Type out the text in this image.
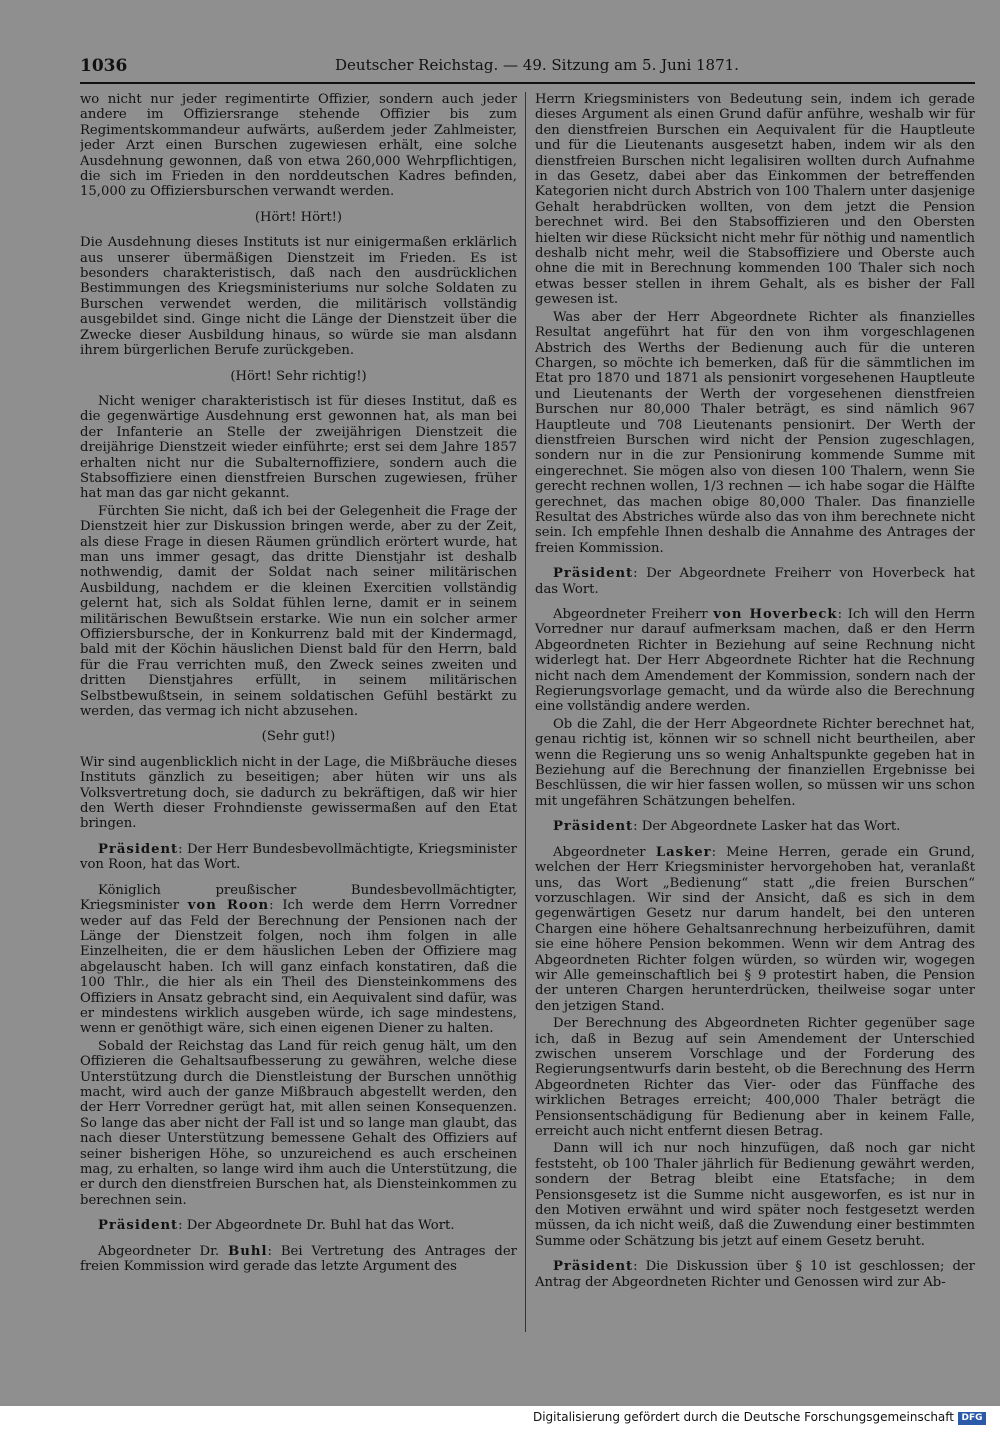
1036	Deutscher Reichstag. — 49. Sitzung am 5. Juni 1871.

wo nicht nur jeder regimentirte Offizier, sondern auch jeder andere im Offiziersrange stehende Offizier bis zum Regimentskommandeur aufwärts, außerdem jeder Zahlmeister, jeder Arzt einen Burschen zugewiesen erhält, eine solche Ausdehnung gewonnen, daß von etwa 260,000 Wehrpflichtigen, die sich im Frieden in den norddeutschen Kadres befinden, 15,000 zu Offiziersburschen verwandt werden.

(Hört! Hört!)

Die Ausdehnung dieses Instituts ist nur einigermaßen erklärlich aus unserer übermäßigen Dienstzeit im Frieden. Es ist besonders charakteristisch, daß nach den ausdrücklichen Bestimmungen des Kriegsministeriums nur solche Soldaten zu Burschen verwendet werden, die militärisch vollständig ausgebildet sind. Ginge nicht die Länge der Dienstzeit über die Zwecke dieser Ausbildung hinaus, so würde sie man alsdann ihrem bürgerlichen Berufe zurückgeben.

(Hört! Sehr richtig!)

Nicht weniger charakteristisch ist für dieses Institut, daß es die gegenwärtige Ausdehnung erst gewonnen hat, als man bei der Infanterie an Stelle der zweijährigen Dienstzeit die dreijährige Dienstzeit wieder einführte; erst sei dem Jahre 1857 erhalten nicht nur die Subalternoffiziere, sondern auch die Stabsoffiziere einen dienstfreien Burschen zugewiesen, früher hat man das gar nicht gekannt.

Fürchten Sie nicht, daß ich bei der Gelegenheit die Frage der Dienstzeit hier zur Diskussion bringen werde, aber zu der Zeit, als diese Frage in diesen Räumen gründlich erörtert wurde, hat man uns immer gesagt, das dritte Dienstjahr ist deshalb nothwendig, damit der Soldat nach seiner militärischen Ausbildung, nachdem er die kleinen Exercitien vollständig gelernt hat, sich als Soldat fühlen lerne, damit er in seinem militärischen Bewußtsein erstarke. Wie nun ein solcher armer Offiziersbursche, der in Konkurrenz bald mit der Kindermagd, bald mit der Köchin häuslichen Dienst bald für den Herrn, bald für die Frau verrichten muß, den Zweck seines zweiten und dritten Dienstjahres erfüllt, in seinem militärischen Selbstbewußtsein, in seinem soldatischen Gefühl bestärkt zu werden, das vermag ich nicht abzusehen.

(Sehr gut!)

Wir sind augenblicklich nicht in der Lage, die Mißbräuche dieses Instituts gänzlich zu beseitigen; aber hüten wir uns als Volksvertretung doch, sie dadurch zu bekräftigen, daß wir hier den Werth dieser Frohndienste gewissermaßen auf den Etat bringen.

Präsident: Der Herr Bundesbevollmächtigte, Kriegsminister von Roon, hat das Wort.

Königlich preußischer Bundesbevollmächtigter, Kriegsminister von Roon: Ich werde dem Herrn Vorredner weder auf das Feld der Berechnung der Pensionen nach der Länge der Dienstzeit folgen, noch ihm folgen in alle Einzelheiten, die er dem häuslichen Leben der Offiziere mag abgelauscht haben. Ich will ganz einfach konstatiren, daß die 100 Thlr., die hier als ein Theil des Diensteinkommens des Offiziers in Ansatz gebracht sind, ein Aequivalent sind dafür, was er mindestens wirklich ausgeben würde, ich sage mindestens, wenn er genöthigt wäre, sich einen eigenen Diener zu halten.

Sobald der Reichstag das Land für reich genug hält, um den Offizieren die Gehaltsaufbesserung zu gewähren, welche diese Unterstützung durch die Dienstleistung der Burschen unnöthig macht, wird auch der ganze Mißbrauch abgestellt werden, den der Herr Vorredner gerügt hat, mit allen seinen Konsequenzen. So lange das aber nicht der Fall ist und so lange man glaubt, das nach dieser Unterstützung bemessene Gehalt des Offiziers auf seiner bisherigen Höhe, so unzureichend es auch erscheinen mag, zu erhalten, so lange wird ihm auch die Unterstützung, die er durch den dienstfreien Burschen hat, als Diensteinkommen zu berechnen sein.

Präsident: Der Abgeordnete Dr. Buhl hat das Wort.

Abgeordneter Dr. Buhl: Bei Vertretung des Antrages der freien Kommission wird gerade das letzte Argument des

Herrn Kriegsministers von Bedeutung sein, indem ich gerade dieses Argument als einen Grund dafür anführe, weshalb wir für den dienstfreien Burschen ein Aequivalent für die Hauptleute und für die Lieutenants ausgesetzt haben, indem wir als den dienstfreien Burschen nicht legalisiren wollten durch Aufnahme in das Gesetz, dabei aber das Einkommen der betreffenden Kategorien nicht durch Abstrich von 100 Thalern unter dasjenige Gehalt herabdrücken wollten, von dem jetzt die Pension berechnet wird. Bei den Stabsoffizieren und den Obersten hielten wir diese Rücksicht nicht mehr für nöthig und namentlich deshalb nicht mehr, weil die Stabsoffiziere und Oberste auch ohne die mit in Berechnung kommenden 100 Thaler sich noch etwas besser stellen in ihrem Gehalt, als es bisher der Fall gewesen ist.

Was aber der Herr Abgeordnete Richter als finanzielles Resultat angeführt hat für den von ihm vorgeschlagenen Abstrich des Werths der Bedienung auch für die unteren Chargen, so möchte ich bemerken, daß für die sämmtlichen im Etat pro 1870 und 1871 als pensionirt vorgesehenen Hauptleute und Lieutenants der Werth der vorgesehenen dienstfreien Burschen nur 80,000 Thaler beträgt, es sind nämlich 967 Hauptleute und 708 Lieutenants pensionirt. Der Werth der dienstfreien Burschen wird nicht der Pension zugeschlagen, sondern nur in die zur Pensionirung kommende Summe mit eingerechnet. Sie mögen also von diesen 100 Thalern, wenn Sie gerecht rechnen wollen, 1/3 rechnen — ich habe sogar die Hälfte gerechnet, das machen obige 80,000 Thaler. Das finanzielle Resultat des Abstriches würde also das von ihm berechnete nicht sein. Ich empfehle Ihnen deshalb die Annahme des Antrages der freien Kommission.

Präsident: Der Abgeordnete Freiherr von Hoverbeck hat das Wort.

Abgeordneter Freiherr von Hoverbeck: Ich will den Herrn Vorredner nur darauf aufmerksam machen, daß er den Herrn Abgeordneten Richter in Beziehung auf seine Rechnung nicht widerlegt hat. Der Herr Abgeordnete Richter hat die Rechnung nicht nach dem Amendement der Kommission, sondern nach der Regierungsvorlage gemacht, und da würde also die Berechnung eine vollständig andere werden.

Ob die Zahl, die der Herr Abgeordnete Richter berechnet hat, genau richtig ist, können wir so schnell nicht beurtheilen, aber wenn die Regierung uns so wenig Anhaltspunkte gegeben hat in Beziehung auf die Berechnung der finanziellen Ergebnisse bei Beschlüssen, die wir hier fassen wollen, so müssen wir uns schon mit ungefähren Schätzungen behelfen.

Präsident: Der Abgeordnete Lasker hat das Wort.

Abgeordneter Lasker: Meine Herren, gerade ein Grund, welchen der Herr Kriegsminister hervorgehoben hat, veranlaßt uns, das Wort „Bedienung“ statt „die freien Burschen“ vorzuschlagen. Wir sind der Ansicht, daß es sich in dem gegenwärtigen Gesetz nur darum handelt, bei den unteren Chargen eine höhere Gehaltsanrechnung herbeizuführen, damit sie eine höhere Pension bekommen. Wenn wir dem Antrag des Abgeordneten Richter folgen würden, so würden wir, wogegen wir Alle gemeinschaftlich bei § 9 protestirt haben, die Pension der unteren Chargen herunterdrücken, theilweise sogar unter den jetzigen Stand.

Der Berechnung des Abgeordneten Richter gegenüber sage ich, daß in Bezug auf sein Amendement der Unterschied zwischen unserem Vorschlage und der Forderung des Regierungsentwurfs darin besteht, ob die Berechnung des Herrn Abgeordneten Richter das Vier- oder das Fünffache des wirklichen Betrages erreicht; 400,000 Thaler beträgt die Pensionsentschädigung für Bedienung aber in keinem Falle, erreicht auch nicht entfernt diesen Betrag.

Dann will ich nur noch hinzufügen, daß noch gar nicht feststeht, ob 100 Thaler jährlich für Bedienung gewährt werden, sondern der Betrag bleibt eine Etatsfache; in dem Pensionsgesetz ist die Summe nicht ausgeworfen, es ist nur in den Motiven erwähnt und wird später noch festgesetzt werden müssen, da ich nicht weiß, daß die Zuwendung einer bestimmten Summe oder Schätzung bis jetzt auf einem Gesetz beruht.

Präsident: Die Diskussion über § 10 ist geschlossen; der Antrag der Abgeordneten Richter und Genossen wird zur Ab-

Digitalisierung gefördert durch die Deutsche Forschungsgemeinschaft DFG
